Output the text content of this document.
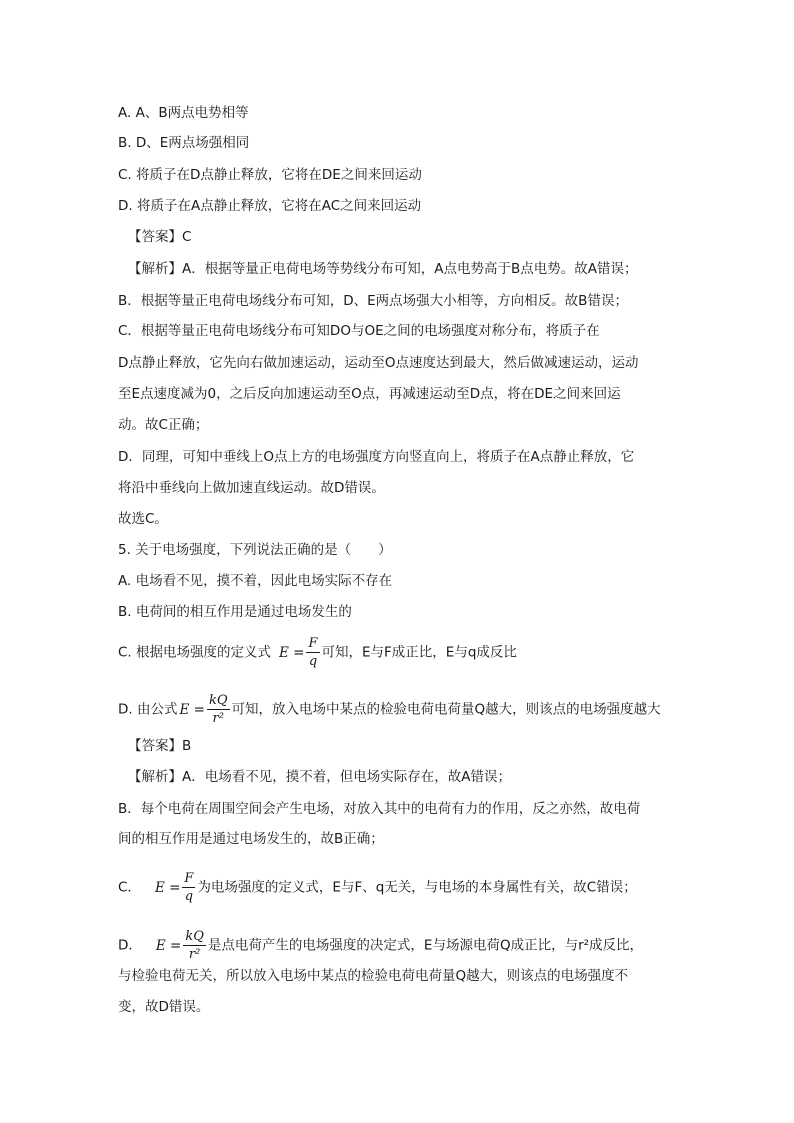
A. A、B两点电势相等
B. D、E两点场强相同
C. 将质子在D点静止释放，它将在DE之间来回运动
D. 将质子在A点静止释放，它将在AC之间来回运动
【答案】C
【解析】A．根据等量正电荷电场等势线分布可知，A点电势高于B点电势。故A错误；
B．根据等量正电荷电场线分布可知，D、E两点场强大小相等，方向相反。故B错误；
C．根据等量正电荷电场线分布可知DO与OE之间的电场强度对称分布，将质子在
D点静止释放，它先向右做加速运动，运动至O点速度达到最大，然后做减速运动，运动
至E点速度减为0，之后反向加速运动至O点，再减速运动至D点，将在DE之间来回运
动。故C正确；
D．同理，可知中垂线上O点上方的电场强度方向竖直向上，将质子在A点静止释放，它
将沿中垂线向上做加速直线运动。故D错误。
故选C。
5. 关于电场强度，下列说法正确的是（　　）
A. 电场看不见，摸不着，因此电场实际不存在
B. 电荷间的相互作用是通过电场发生的
C. 根据电场强度的定义式 $E = \frac{F}{q}$ 可知，E与F成正比，E与q成反比
D. 由公式 $E = \frac{kQ}{\text{r²}}$ 可知，放入电场中某点的检验电荷电荷量Q越大，则该点的电场强度越大
【答案】B
【解析】A．电场看不见，摸不着，但电场实际存在，故A错误；
B．每个电荷在周围空间会产生电场，对放入其中的电荷有力的作用，反之亦然，故电荷
间的相互作用是通过电场发生的，故B正确；
C． $E = \frac{F}{q}$ 为电场强度的定义式，E与F、q无关，与电场的本身属性有关，故C错误；
D． $E = \frac{kQ}{\text{r²}}$ 是点电荷产生的电场强度的决定式，E与场源电荷Q成正比，与r²成反比，
与检验电荷无关，所以放入电场中某点的检验电荷电荷量Q越大，则该点的电场强度不
变，故D错误。
